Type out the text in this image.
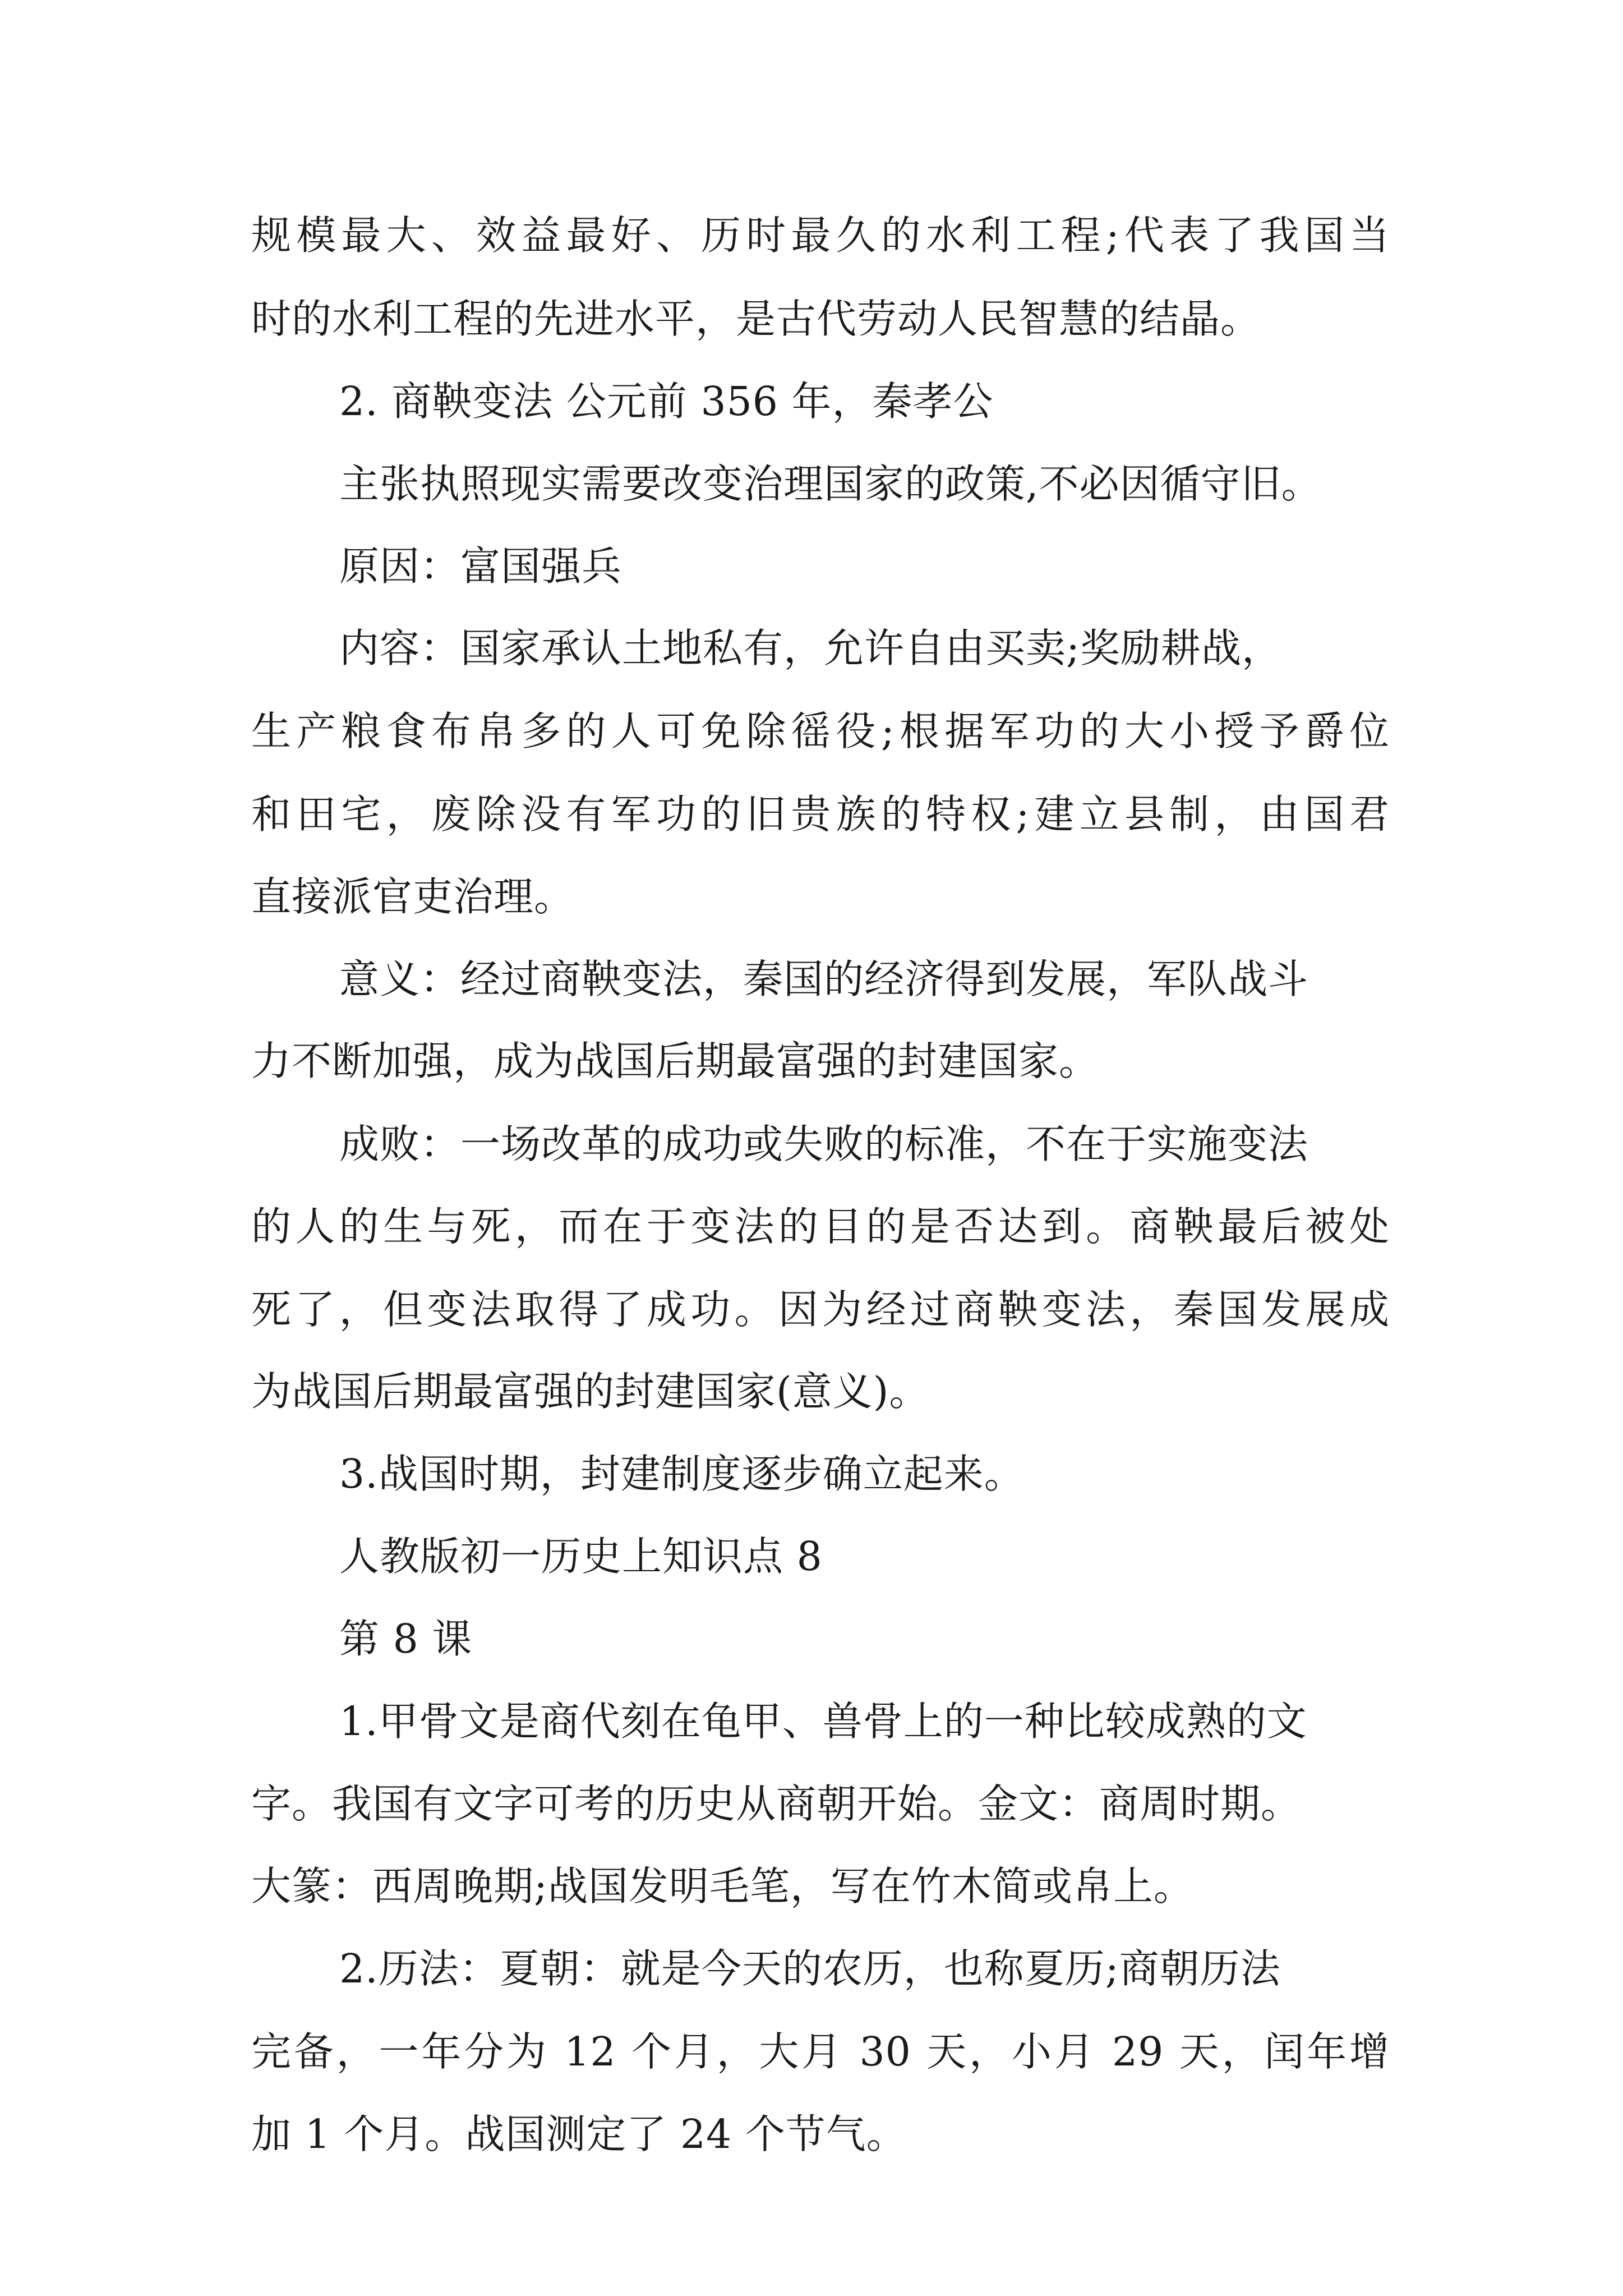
规模最大、效益最好、历时最久的水利工程;代表了我国当
时的水利工程的先进水平，是古代劳动人民智慧的结晶。
2. 商鞅变法 公元前 356 年，秦孝公
主张执照现实需要改变治理国家的政策,不必因循守旧。
原因：富国强兵
内容：国家承认土地私有，允许自由买卖;奖励耕战，
生产粮食布帛多的人可免除徭役;根据军功的大小授予爵位
和田宅，废除没有军功的旧贵族的特权;建立县制，由国君
直接派官吏治理。
意义：经过商鞅变法，秦国的经济得到发展，军队战斗
力不断加强，成为战国后期最富强的封建国家。
成败：一场改革的成功或失败的标准，不在于实施变法
的人的生与死，而在于变法的目的是否达到。商鞅最后被处
死了，但变法取得了成功。因为经过商鞅变法，秦国发展成
为战国后期最富强的封建国家(意义)。
3.战国时期，封建制度逐步确立起来。
人教版初一历史上知识点 8
第 8 课
1.甲骨文是商代刻在龟甲、兽骨上的一种比较成熟的文
字。我国有文字可考的历史从商朝开始。金文：商周时期。
大篆：西周晚期;战国发明毛笔，写在竹木简或帛上。
2.历法：夏朝：就是今天的农历，也称夏历;商朝历法
完备，一年分为 12 个月，大月 30 天，小月 29 天，闰年增
加 1 个月。战国测定了 24 个节气。
